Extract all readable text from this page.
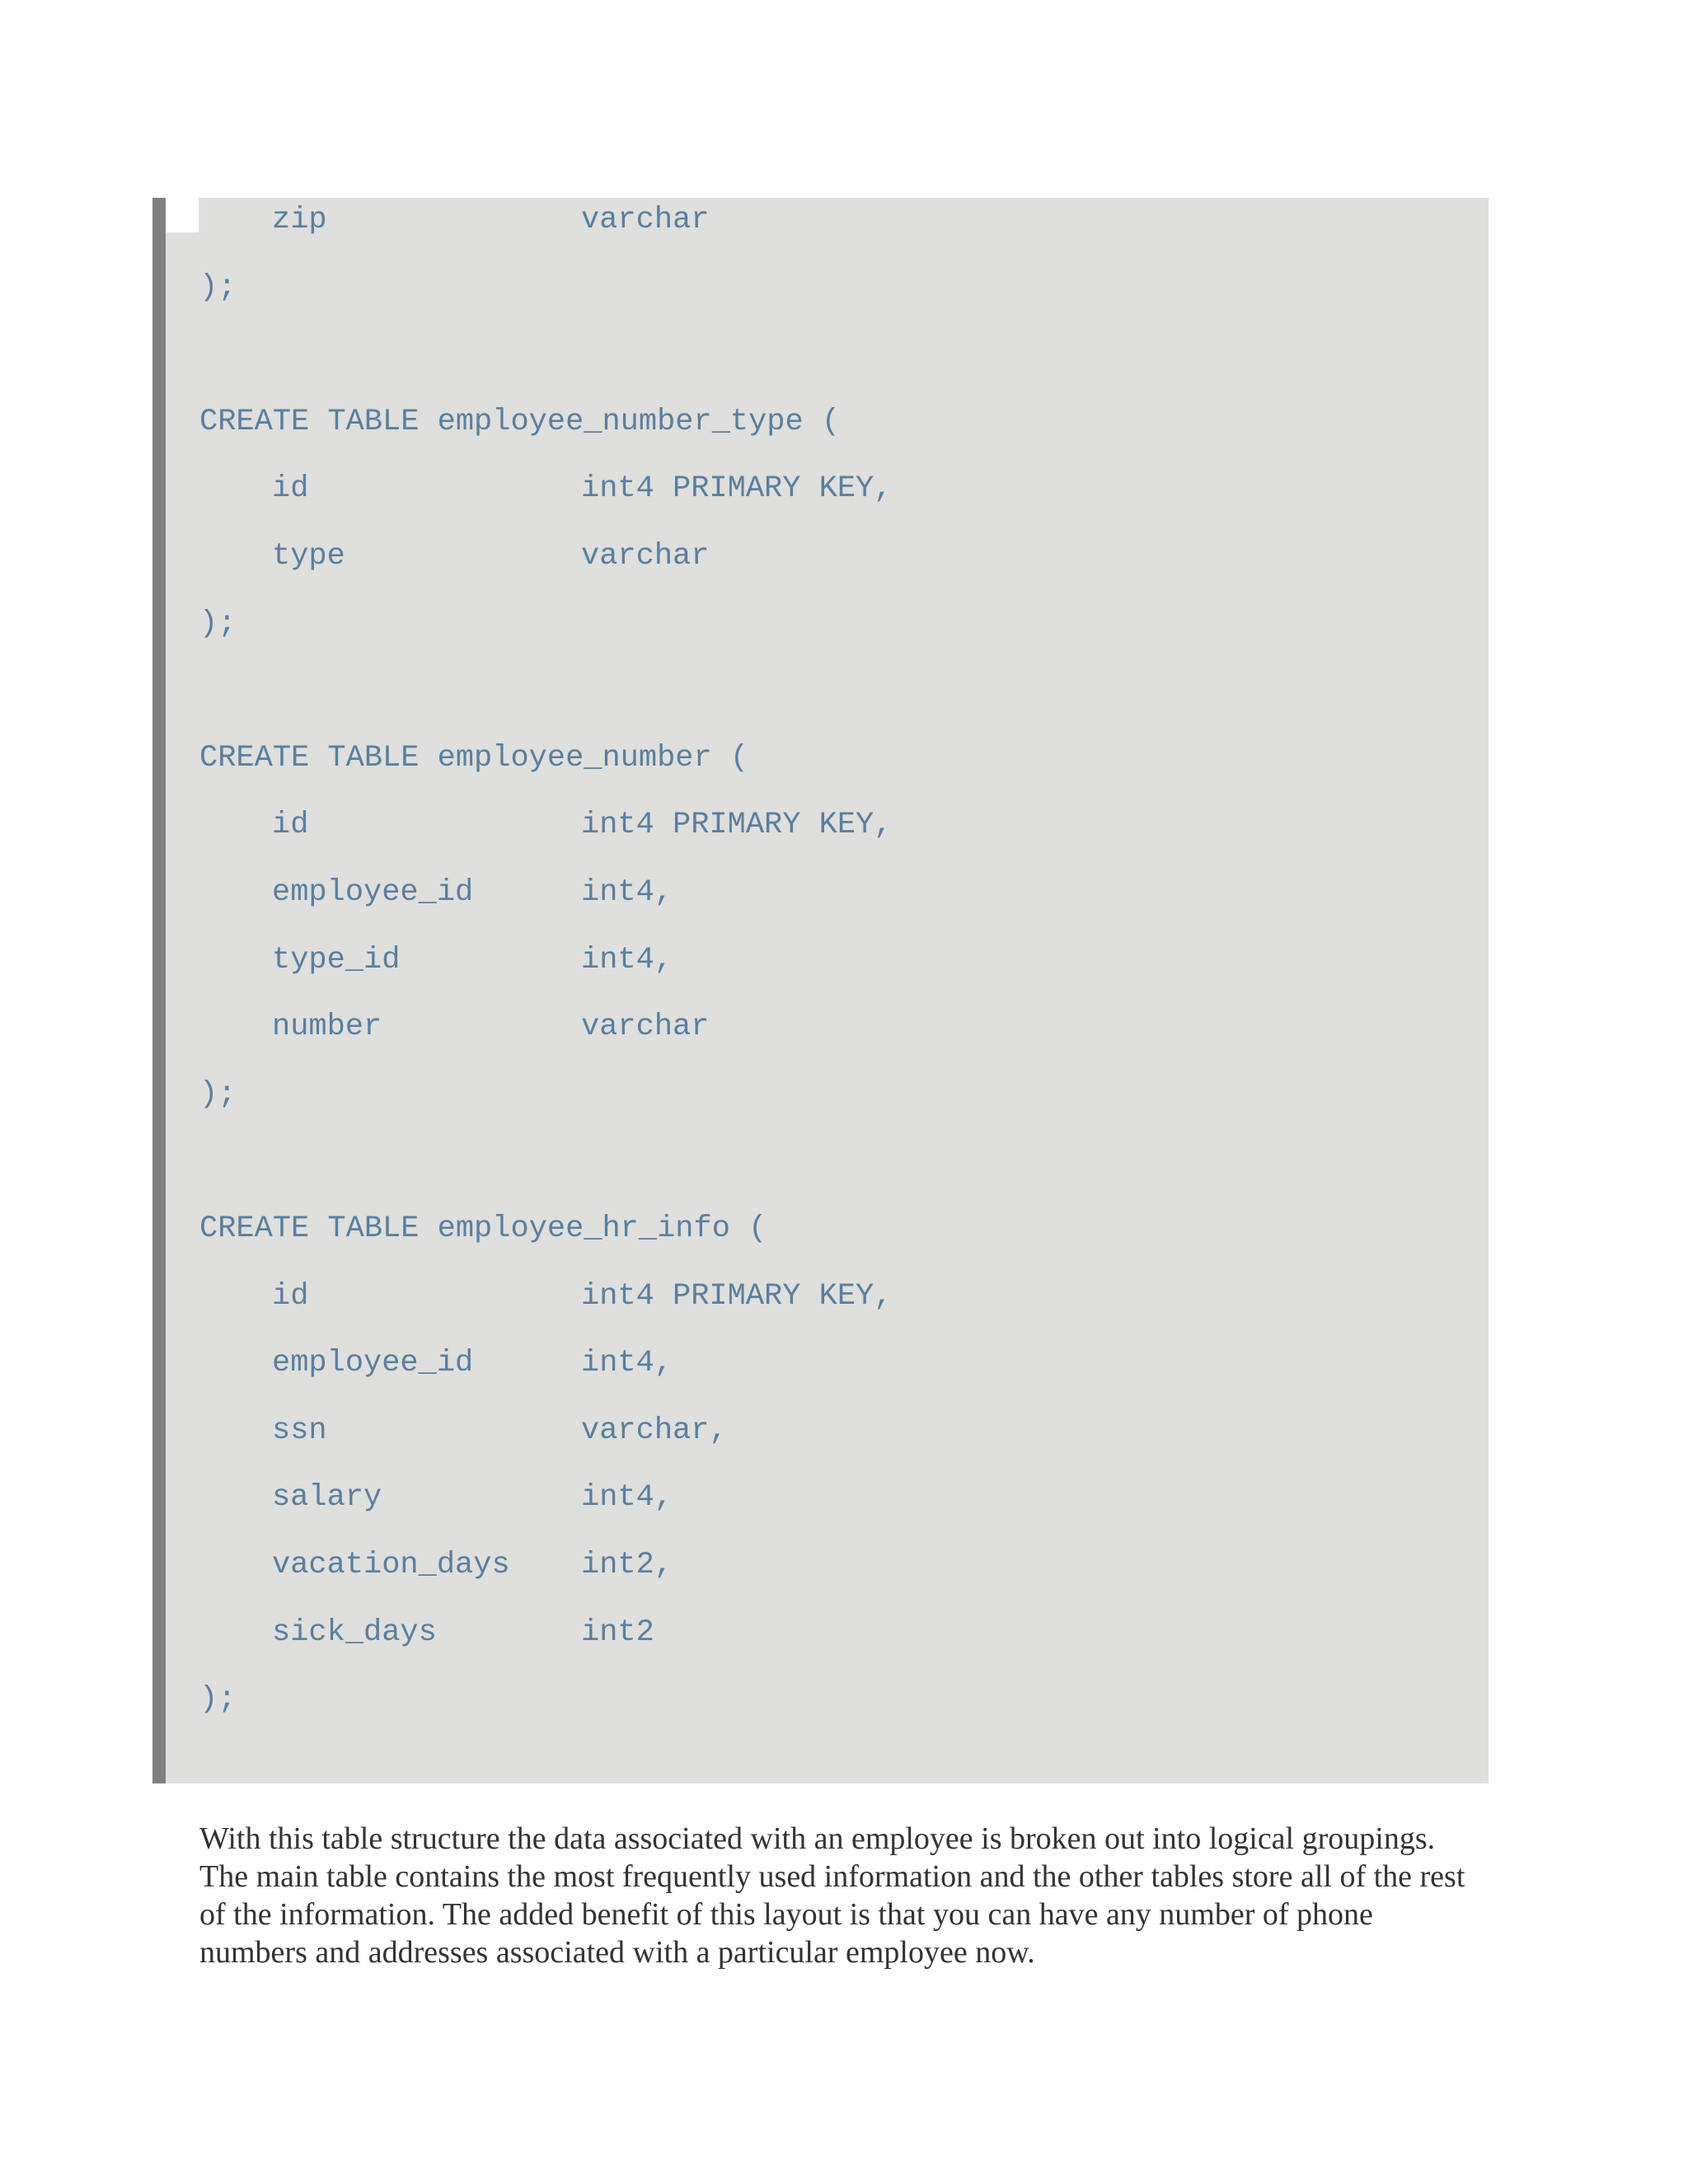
zip	varchar
);
CREATE TABLE employee_number_type (
id	int4 PRIMARY KEY,
type	varchar
);
CREATE TABLE employee_number (
id	int4 PRIMARY KEY,
employee_id	int4,
type_id	int4,
number	varchar
);
CREATE TABLE employee_hr_info (
id	int4 PRIMARY KEY,
employee_id	int4,
ssn	varchar,
salary	int4,
vacation_days int2,
sick_days	int2
);

With this table structure the data associated with an employee is broken out into logical groupings. The main table contains the most frequently used information and the other tables store all of the rest of the information. The added benefit of this layout is that you can have any number of phone numbers and addresses associated with a particular employee now.
